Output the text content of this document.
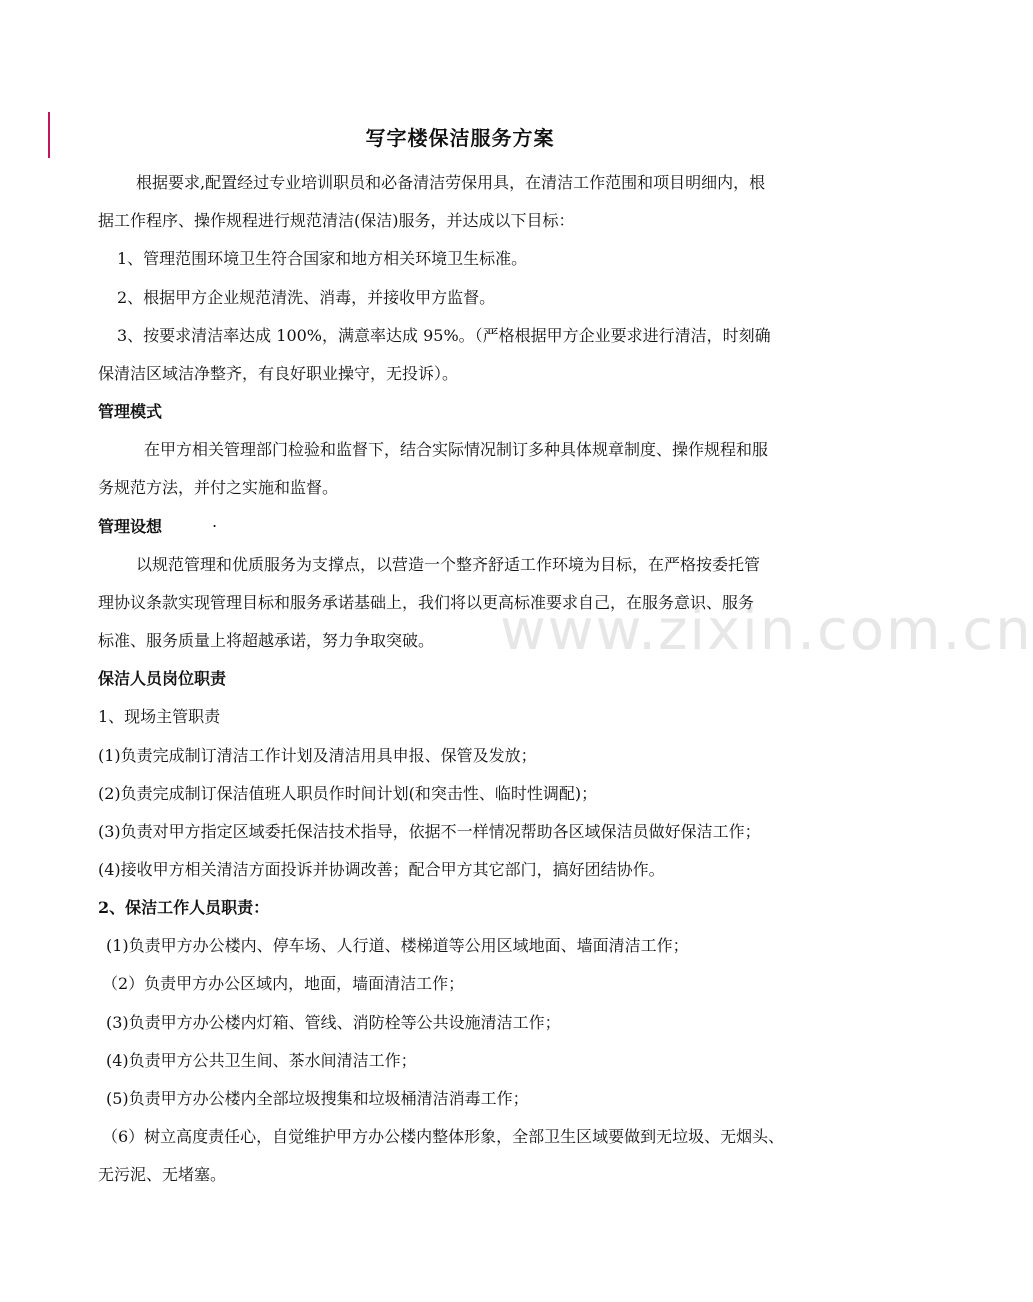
写字楼保洁服务方案

根据要求,配置经过专业培训职员和必备清洁劳保用具，在清洁工作范围和项目明细内，根

据工作程序、操作规程进行规范清洁(保洁)服务，并达成以下目标：

1、管理范围环境卫生符合国家和地方相关环境卫生标准。

2、根据甲方企业规范清洗、消毒，并接收甲方监督。

3、按要求清洁率达成 100%，满意率达成 95%。（严格根据甲方企业要求进行清洁，时刻确

保清洁区域洁净整齐，有良好职业操守，无投诉）。

管理模式

在甲方相关管理部门检验和监督下，结合实际情况制订多种具体规章制度、操作规程和服

务规范方法，并付之实施和监督。

管理设想	.

以规范管理和优质服务为支撑点，以营造一个整齐舒适工作环境为目标，在严格按委托管

理协议条款实现管理目标和服务承诺基础上，我们将以更高标准要求自己，在服务意识、服务

标准、服务质量上将超越承诺，努力争取突破。

保洁人员岗位职责

1、现场主管职责

(1)负责完成制订清洁工作计划及清洁用具申报、保管及发放；

(2)负责完成制订保洁值班人职员作时间计划(和突击性、临时性调配)；

(3)负责对甲方指定区域委托保洁技术指导，依据不一样情况帮助各区域保洁员做好保洁工作；

(4)接收甲方相关清洁方面投诉并协调改善；配合甲方其它部门，搞好团结协作。

2、保洁工作人员职责：

(1)负责甲方办公楼内、停车场、人行道、楼梯道等公用区域地面、墙面清洁工作；

（2）负责甲方办公区域内，地面，墙面清洁工作；

(3)负责甲方办公楼内灯箱、管线、消防栓等公共设施清洁工作；

(4)负责甲方公共卫生间、茶水间清洁工作；

(5)负责甲方办公楼内全部垃圾搜集和垃圾桶清洁消毒工作；

（6）树立高度责任心，自觉维护甲方办公楼内整体形象，全部卫生区域要做到无垃圾、无烟头、

无污泥、无堵塞。

www.zixin.com.cn
